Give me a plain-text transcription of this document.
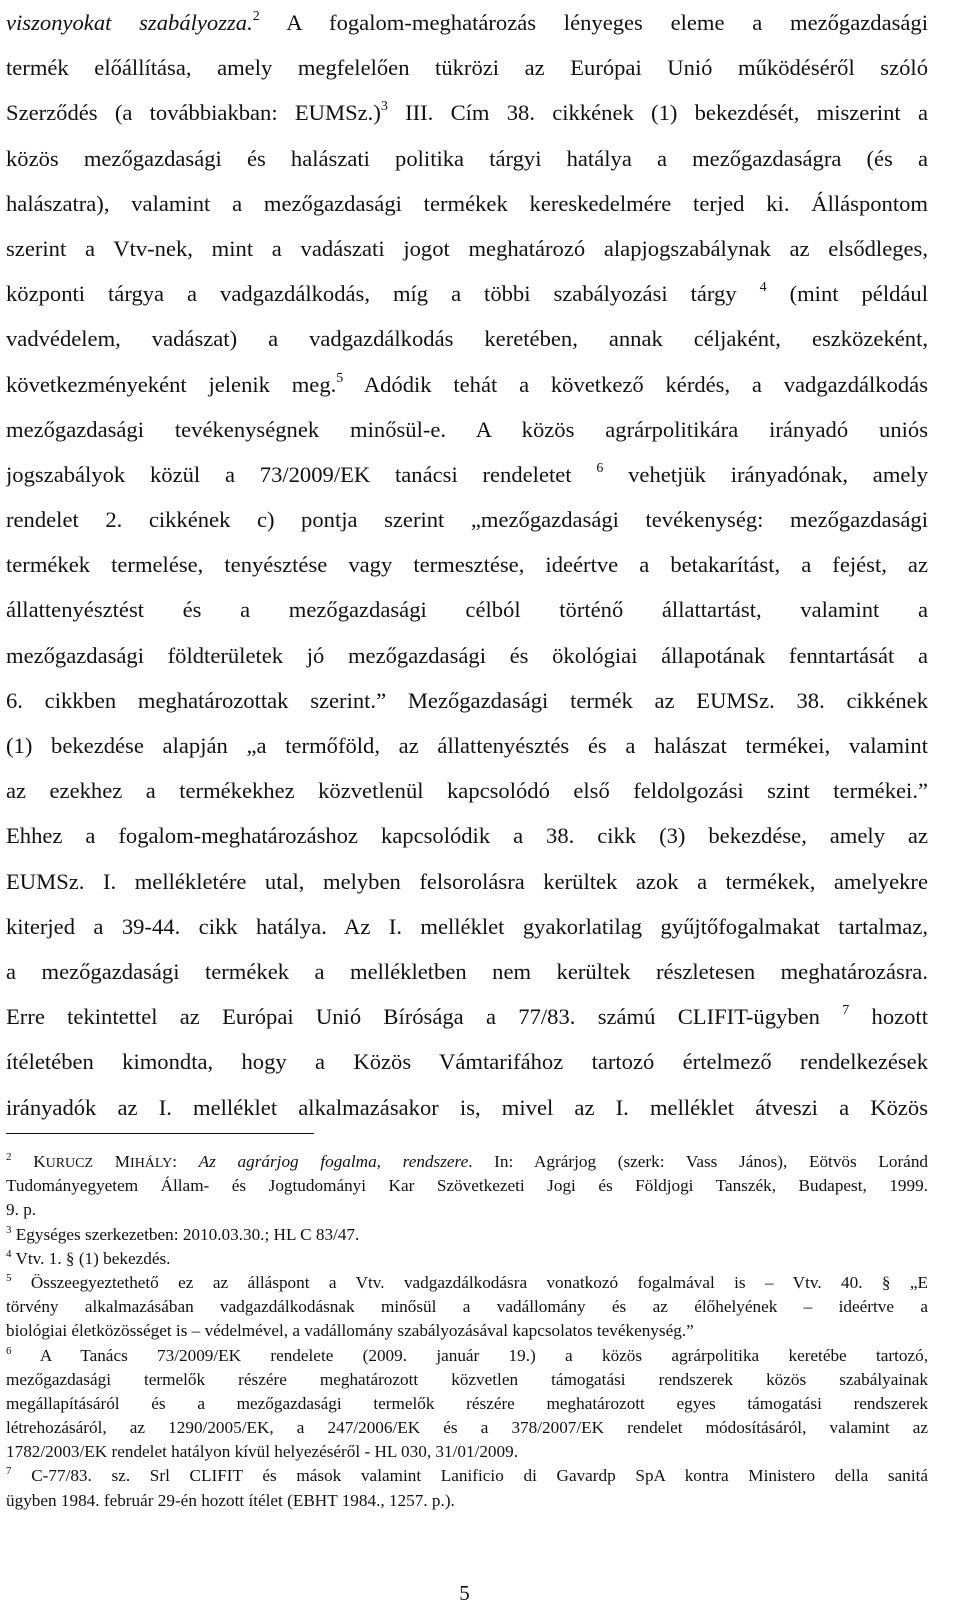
viszonyokat szabályozza.$^2$ A fogalom-meghatározás lényeges eleme a mezőgazdasági
termék előállítása, amely megfelelően tükrözi az Európai Unió működéséről szóló
Szerződés (a továbbiakban: EUMSz.)$^3$ III. Cím 38. cikkének (1) bekezdését, miszerint a
közös mezőgazdasági és halászati politika tárgyi hatálya a mezőgazdaságra (és a
halászatra), valamint a mezőgazdasági termékek kereskedelmére terjed ki. Álláspontom
szerint a Vtv-nek, mint a vadászati jogot meghatározó alapjogszabálynak az elsődleges,
központi tárgya a vadgazdálkodás, míg a többi szabályozási tárgy $^4$ (mint például
vadvédelem, vadászat) a vadgazdálkodás keretében, annak céljaként, eszközeként,
következményeként jelenik meg.$^5$ Adódik tehát a következő kérdés, a vadgazdálkodás
mezőgazdasági tevékenységnek minősül-e. A közös agrárpolitikára irányadó uniós
jogszabályok közül a 73/2009/EK tanácsi rendeletet $^6$ vehetjük irányadónak, amely
rendelet 2. cikkének c) pontja szerint „mezőgazdasági tevékenység: mezőgazdasági
termékek termelése, tenyésztése vagy termesztése, ideértve a betakarítást, a fejést, az
állattenyésztést és a mezőgazdasági célból történő állattartást, valamint a
mezőgazdasági földterületek jó mezőgazdasági és ökológiai állapotának fenntartását a
6. cikkben meghatározottak szerint.” Mezőgazdasági termék az EUMSz. 38. cikkének
(1) bekezdése alapján „a termőföld, az állattenyésztés és a halászat termékei, valamint
az ezekhez a termékekhez közvetlenül kapcsolódó első feldolgozási szint termékei.”
Ehhez a fogalom-meghatározáshoz kapcsolódik a 38. cikk (3) bekezdése, amely az
EUMSz. I. mellékletére utal, melyben felsorolásra kerültek azok a termékek, amelyekre
kiterjed a 39-44. cikk hatálya. Az I. melléklet gyakorlatilag gyűjtőfogalmakat tartalmaz,
a mezőgazdasági termékek a mellékletben nem kerültek részletesen meghatározásra.
Erre tekintettel az Európai Unió Bírósága a 77/83. számú CLIFIT-ügyben $^7$ hozott
ítéletében kimondta, hogy a Közös Vámtarifához tartozó értelmező rendelkezések
irányadók az I. melléklet alkalmazásakor is, mivel az I. melléklet átveszi a Közös
$^2$ KURUCZ MIHÁLY: Az agrárjog fogalma, rendszere. In: Agrárjog (szerk: Vass János), Eötvös Loránd
Tudományegyetem Állam- és Jogtudományi Kar Szövetkezeti Jogi és Földjogi Tanszék, Budapest, 1999.
9. p.
$^3$ Egységes szerkezetben: 2010.03.30.; HL C 83/47.
$^4$ Vtv. 1. § (1) bekezdés.
$^5$ Összeegyeztethető ez az álláspont a Vtv. vadgazdálkodásra vonatkozó fogalmával is – Vtv. 40. § „E
törvény alkalmazásában vadgazdálkodásnak minősül a vadállomány és az élőhelyének – ideértve a
biológiai életközösséget is – védelmével, a vadállomány szabályozásával kapcsolatos tevékenység.”
$^6$ A Tanács 73/2009/EK rendelete (2009. január 19.) a közös agrárpolitika keretébe tartozó,
mezőgazdasági termelők részére meghatározott közvetlen támogatási rendszerek közös szabályainak
megállapításáról és a mezőgazdasági termelők részére meghatározott egyes támogatási rendszerek
létrehozásáról, az 1290/2005/EK, a 247/2006/EK és a 378/2007/EK rendelet módosításáról, valamint az
1782/2003/EK rendelet hatályon kívül helyezéséről - HL 030, 31/01/2009.
$^7$ C-77/83. sz. Srl CLIFIT és mások valamint Lanificio di Gavardp SpA kontra Ministero della sanitá
ügyben 1984. február 29-én hozott ítélet (EBHT 1984., 1257. p.).
5
